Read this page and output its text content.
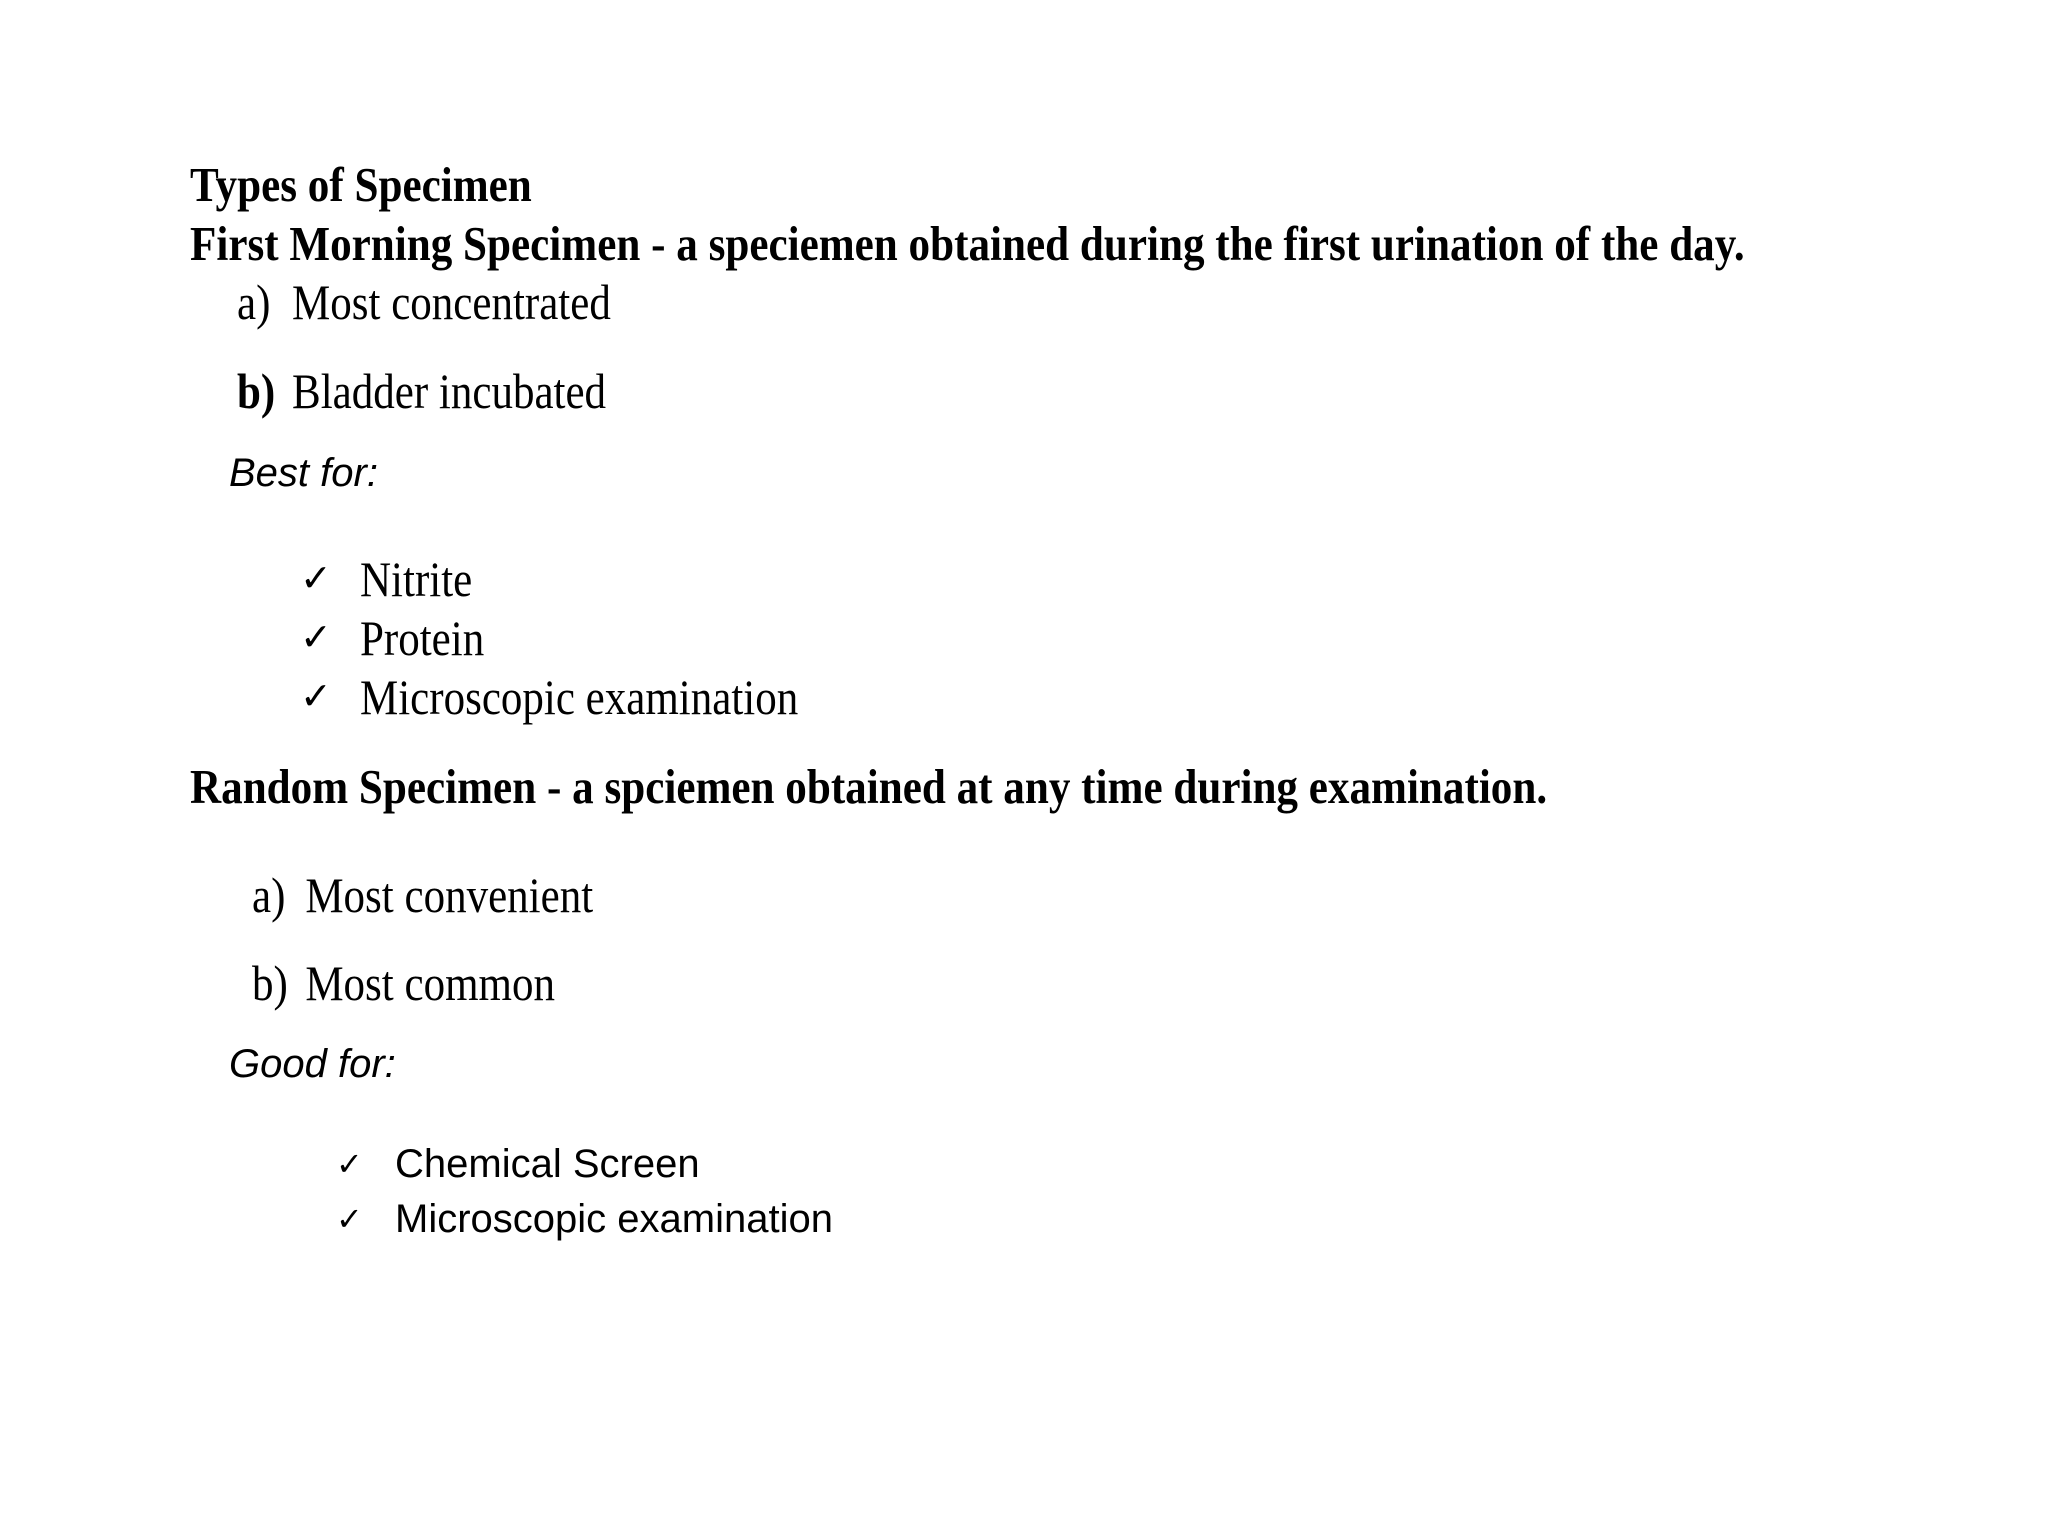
Types of Specimen
First Morning Specimen - a speciemen obtained during the first urination of the day.

a) Most concentrated

b) Bladder incubated

Best for:

✓ Nitrite
✓ Protein
✓ Microscopic examination
Random Specimen - a spciemen obtained at any time during examination.

a) Most convenient

b) Most common

Good for:

✓ Chemical Screen
✓ Microscopic examination
